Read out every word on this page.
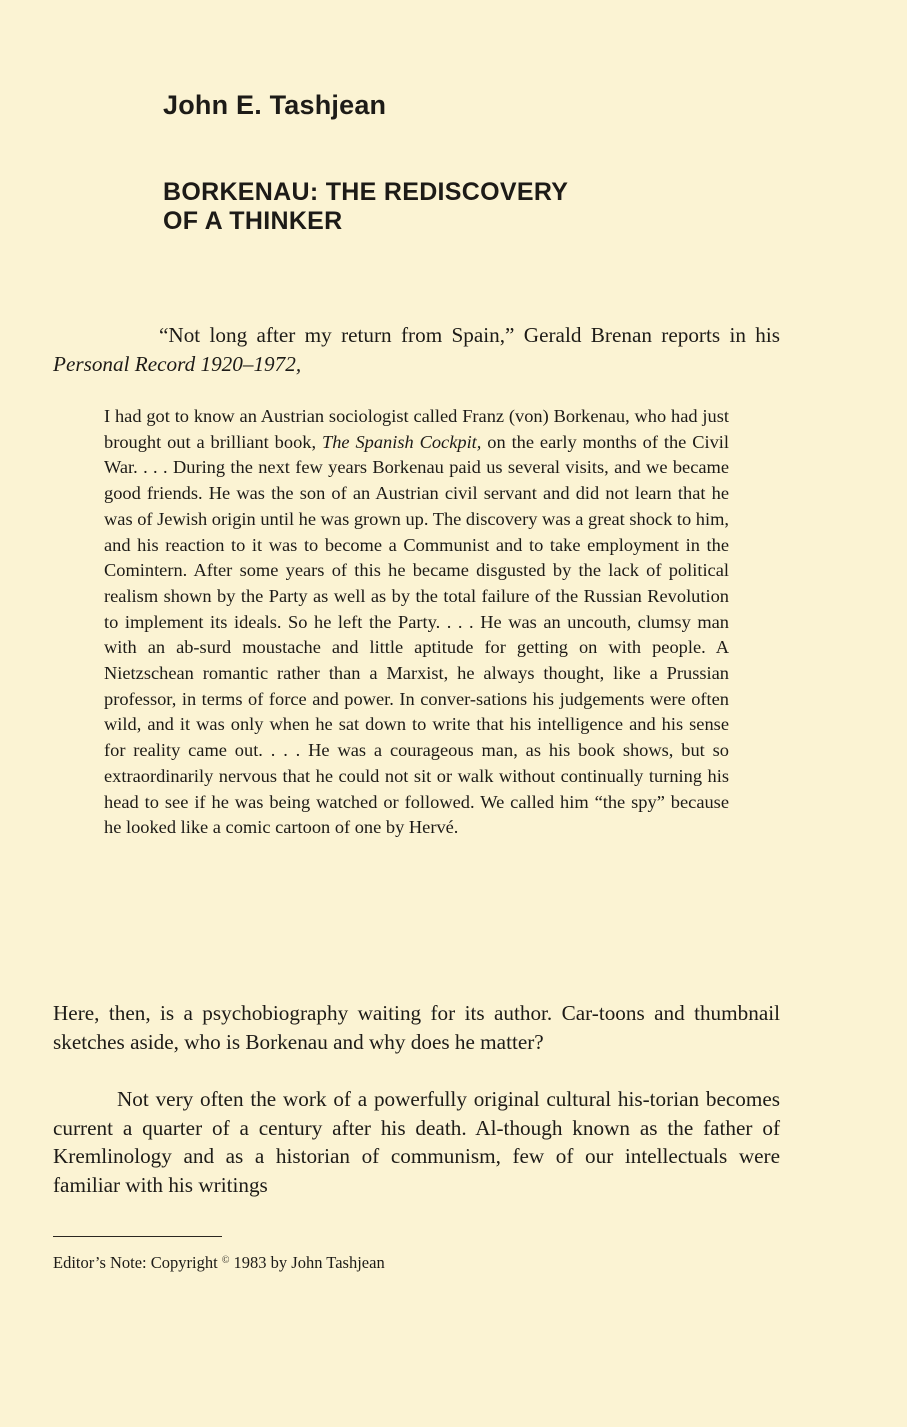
John E. Tashjean
BORKENAU: THE REDISCOVERY
OF A THINKER

“Not long after my return from Spain,” Gerald Brenan reports in his Personal Record 1920–1972,

I had got to know an Austrian sociologist called Franz (von) Borkenau, who had just brought out a brilliant book, The Spanish Cockpit, on the early months of the Civil War. . . . During the next few years Borkenau paid us several visits, and we became good friends. He was the son of an Austrian civil servant and did not learn that he was of Jewish origin until he was grown up. The discovery was a great shock to him, and his reaction to it was to become a Communist and to take employment in the Comintern. After some years of this he became disgusted by the lack of political realism shown by the Party as well as by the total failure of the Russian Revolution to implement its ideals. So he left the Party. . . . He was an uncouth, clumsy man with an ab-surd moustache and little aptitude for getting on with people. A Nietzschean romantic rather than a Marxist, he always thought, like a Prussian professor, in terms of force and power. In conver-sations his judgements were often wild, and it was only when he sat down to write that his intelligence and his sense for reality came out. . . . He was a courageous man, as his book shows, but so extraordinarily nervous that he could not sit or walk without continually turning his head to see if he was being watched or followed. We called him “the spy” because he looked like a comic cartoon of one by Hervé.

Here, then, is a psychobiography waiting for its author. Car-toons and thumbnail sketches aside, who is Borkenau and why does he matter?

Not very often the work of a powerfully original cultural his-torian becomes current a quarter of a century after his death. Al-though known as the father of Kremlinology and as a historian of communism, few of our intellectuals were familiar with his writings

Editor’s Note: Copyright © 1983 by John Tashjean
